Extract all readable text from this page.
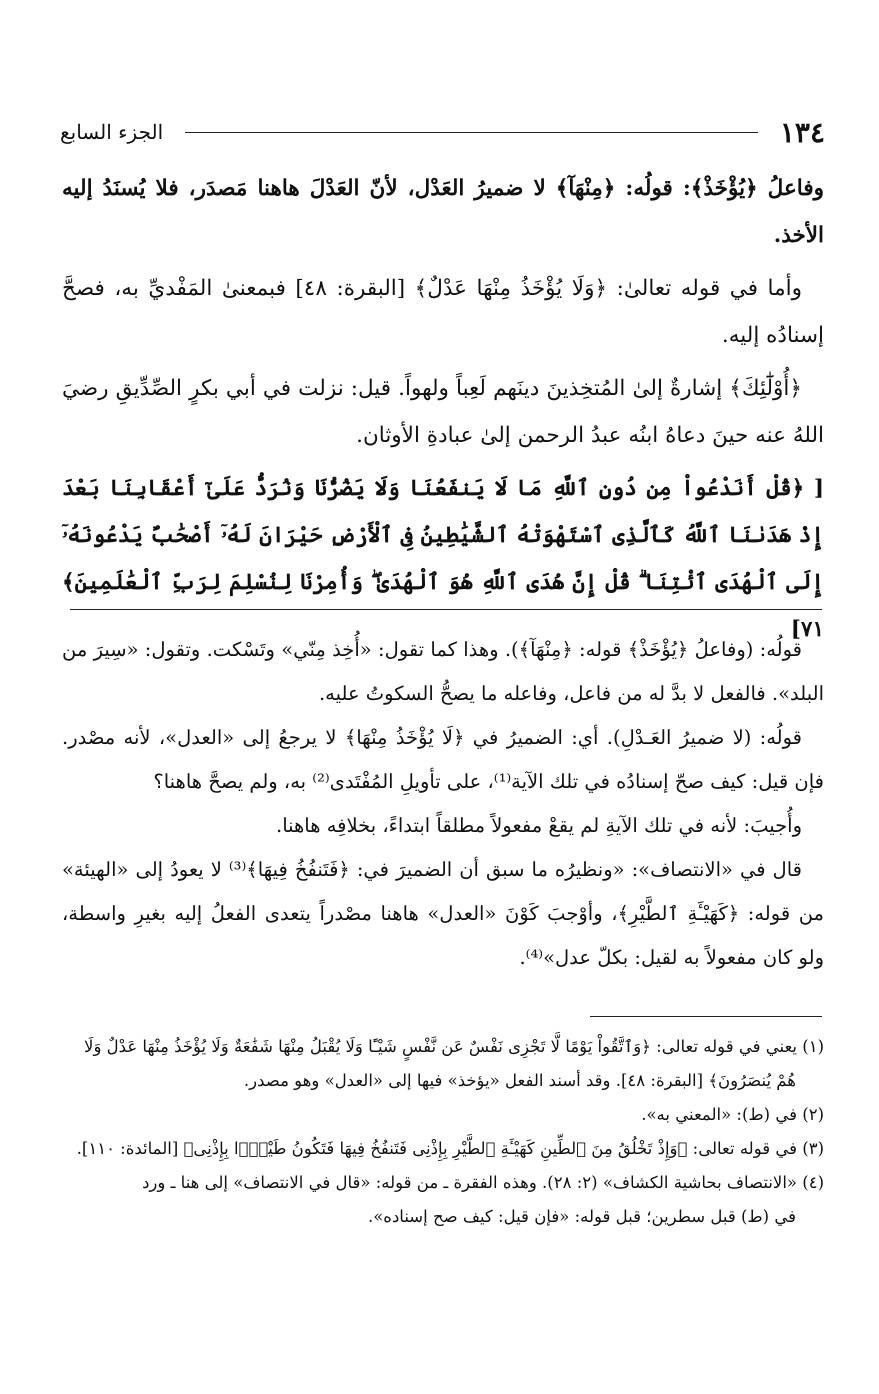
١٣٤
الجزء السابع

وفاعلُ ﴿يُؤْخَذْ﴾: قولُه: ﴿مِنْهَآ﴾ لا ضميرُ العَدْل، لأنّ العَدْلَ هاهنا مَصدَر، فلا يُسنَدُ إليه الأخذ.

وأما في قوله تعالىٰ: ﴿وَلَا يُؤْخَذُ مِنْهَا عَدْلٌ﴾ [البقرة: ٤٨] فبمعنىٰ المَفْديِّ به، فصحَّ إسنادُه إليه.

﴿أُوْلَٰٓئِكَ﴾ إشارةٌ إلىٰ المُتخِذينَ دينَهم لَعِباً ولهواً. قيل: نزلت في أبي بكرٍ الصِّدِّيقِ رضيَ اللهُ عنه حينَ دعاهُ ابنُه عبدُ الرحمن إلىٰ عبادةِ الأوثان.

[ ﴿قُلْ أَنَدْعُواْ مِن دُونِ ٱللَّهِ مَا لَا يَنفَعُنَا وَلَا يَضُرُّنَا وَنُرَدُّ عَلَىٰٓ أَعْقَابِنَا بَعْدَ إِذْ هَدَىٰنَا ٱللَّهُ كَٱلَّذِى ٱسْتَهْوَتْهُ ٱلشَّيَٰطِينُ فِى ٱلْأَرْضِ حَيْرَانَ لَهُۥٓ أَصْحَٰبٌ يَدْعُونَهُۥٓ إِلَى ٱلْهُدَى ٱئْتِنَا ۗ قُلْ إِنَّ هُدَى ٱللَّهِ هُوَ ٱلْهُدَىٰ ۖ وَأُمِرْنَا لِنُسْلِمَ لِرَبِّ ٱلْعَٰلَمِينَ﴾ ٧١]

قولُه: (وفاعلُ ﴿يُؤْخَذْ﴾ قوله: ﴿مِنْهَآ﴾). وهذا كما تقول: «أُخِذ مِنّي» وتَسْكت. وتقول: «سِيرَ من البلد». فالفعل لا بدَّ له من فاعل، وفاعله ما يصحُّ السكوتُ عليه.

قولُه: (لا ضميرُ العَـدْلِ). أي: الضميرُ في ﴿لَا يُؤْخَذُ مِنْهَا﴾ لا يرجعُ إلى «العدل»، لأنه مصْدر. فإن قيل: كيف صحّ إسنادُه في تلك الآية⁽¹⁾، على تأويلِ المُفْتَدى⁽²⁾ به، ولم يصحَّ هاهنا؟

وأُجيبَ: لأنه في تلك الآيةِ لم يقعْ مفعولاً مطلقاً ابتداءً، بخلافِه هاهنا.

قال في «الانتصاف»: «ونظيرُه ما سبق أن الضميرَ في: ﴿فَتَنفُخُ فِيهَا﴾⁽³⁾ لا يعودُ إلى «الهيئة» من قوله: ﴿كَهَيْـَٔةِ ٱلطَّيْرِ﴾، وأوْجبَ كَوْنَ «العدل» هاهنا مصْدراً يتعدى الفعلُ إليه بغيرِ واسطة، ولو كان مفعولاً به لقيل: بكلّ عدل»⁽⁴⁾.

(١) يعني في قوله تعالى: ﴿وَٱتَّقُواْ يَوْمًا لَّا تَجْزِى نَفْسٌ عَن نَّفْسٍ شَيْـًٔا وَلَا يُقْبَلُ مِنْهَا شَفَٰعَةٌ وَلَا يُؤْخَذُ مِنْهَا عَدْلٌ وَلَا

هُمْ يُنصَرُونَ﴾ [البقرة: ٤٨]. وقد أسند الفعل «يؤخذ» فيها إلى «العدل» وهو مصدر.

(٢) في (ط): «المعني به».

(٣) في قوله تعالى: ﴿وَإِذْ تَخْلُقُ مِنَ ٱلطِّينِ كَهَيْـَٔةِ ٱلطَّيْرِ بِإِذْنِى فَتَنفُخُ فِيهَا فَتَكُونُ طَيْرًۢا بِإِذْنِى﴾ [المائدة: ١١٠].

(٤) «الانتصاف بحاشية الكشاف» (٢: ٢٨). وهذه الفقرة ـ من قوله: «قال في الانتصاف» إلى هنا ـ ورد

في (ط) قبل سطرين؛ قبل قوله: «فإن قيل: كيف صح إسناده».
